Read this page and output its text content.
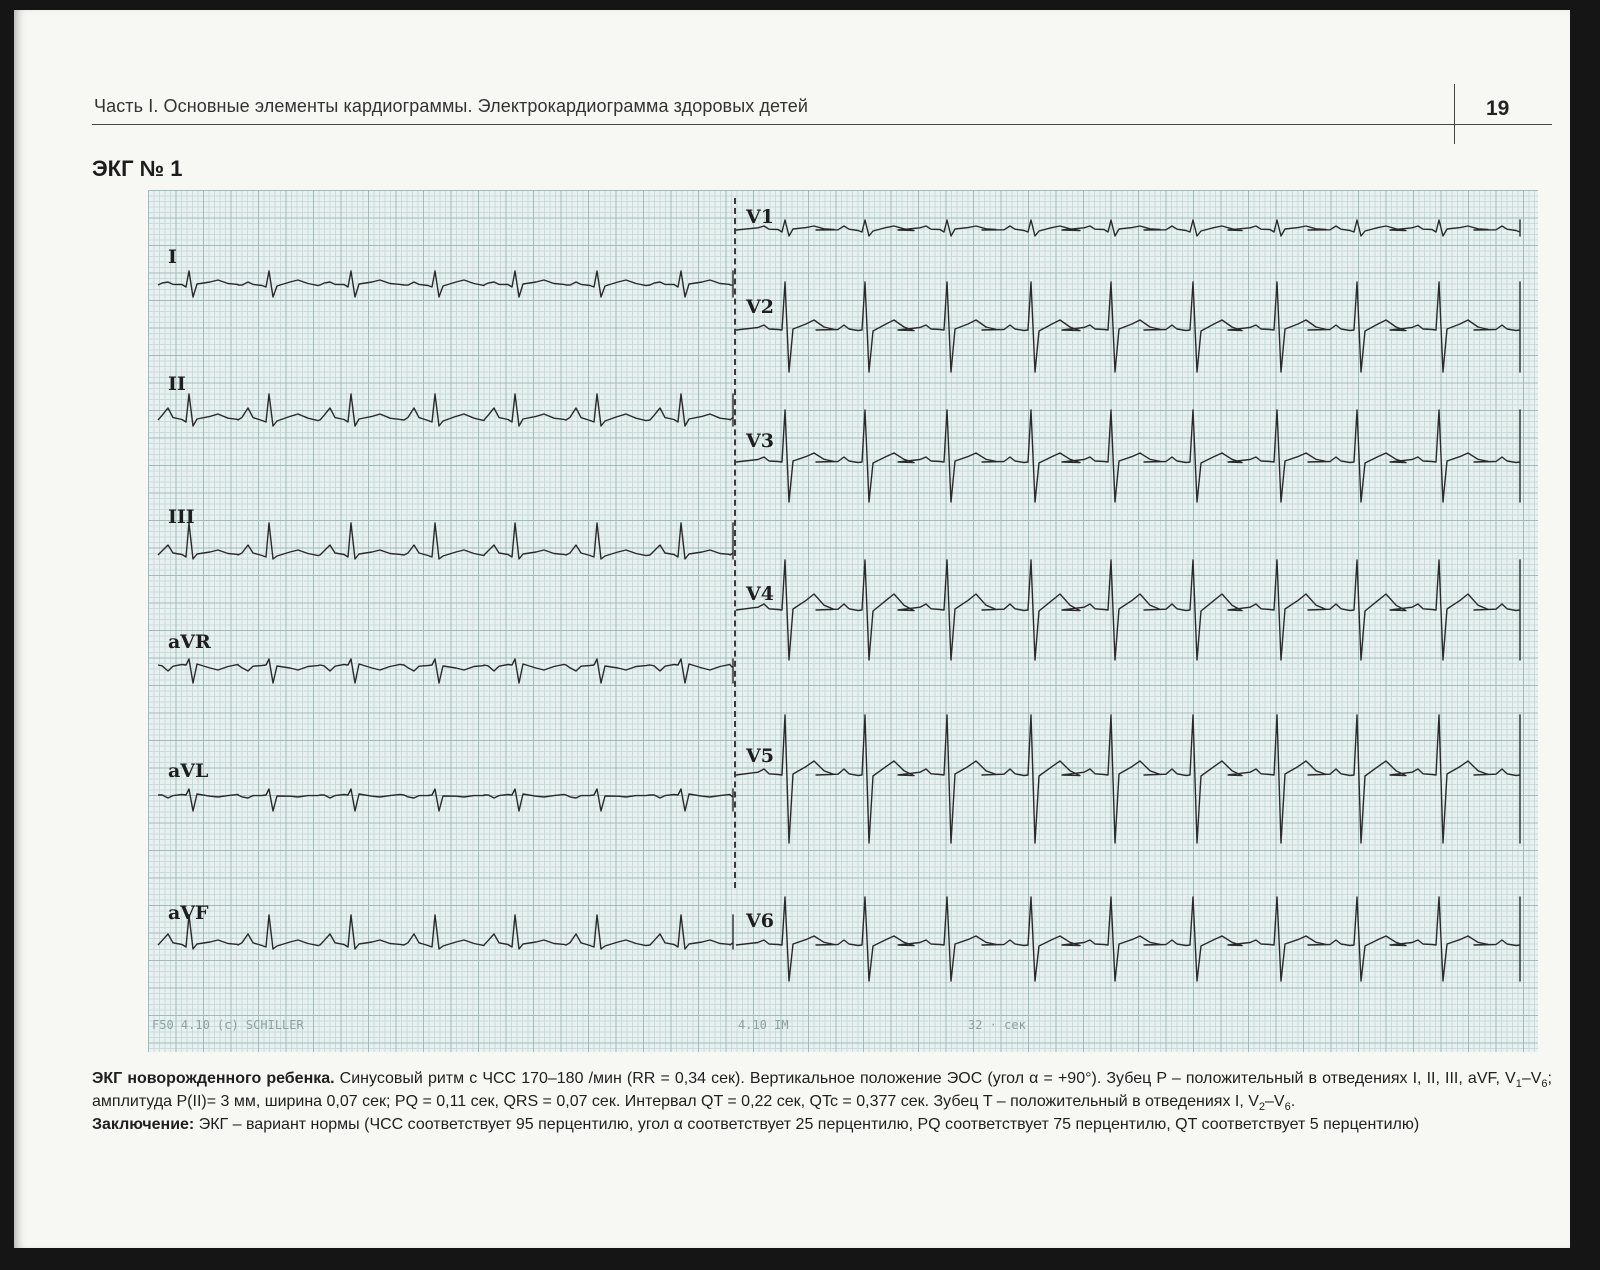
Часть I. Основные элементы кардиограммы. Электрокардиограмма здоровых детей	19
ЭКГ № 1
I
II
III
aVR
aVL
aVF
V1
V2
V3
V4
V5
V6
F50 4.10 (c) SCHILLER	4.10 IM	32 · сек
ЭКГ новорожденного ребенка. Синусовый ритм с ЧСС 170–180 /мин (RR = 0,34 сек). Вертикальное положение ЭОС (угол α = +90°). Зубец P – положительный в отведениях I, II, III, aVF, $V_1-V_6$; амплитуда P(II)= 3 мм, ширина 0,07 сек; PQ = 0,11 сек, QRS = 0,07 сек. Интервал QT = 0,22 сек, QTc = 0,377 сек. Зубец T – положительный в отведениях I, $V_2-V_6$.
Заключение: ЭКГ – вариант нормы (ЧСС соответствует 95 перцентилю, угол α соответствует 25 перцентилю, PQ соответствует 75 перцентилю, QT соответствует 5 перцентилю)
